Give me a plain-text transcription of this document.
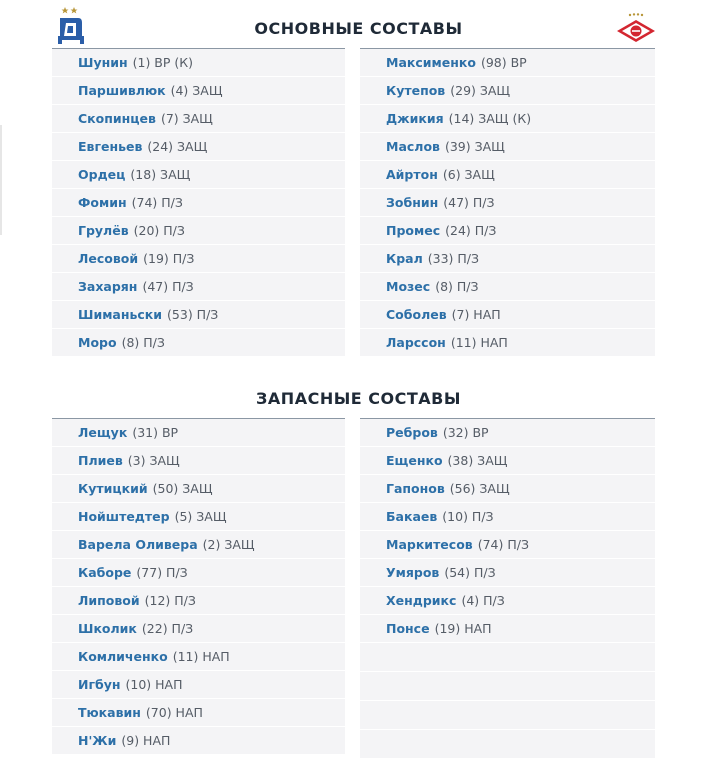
ОСНОВНЫЕ СОСТАВЫ
Шунин (1) ВР (К)
Паршивлюк (4) ЗАЩ
Скопинцев (7) ЗАЩ
Евгеньев (24) ЗАЩ
Ордец (18) ЗАЩ
Фомин (74) П/З
Грулёв (20) П/З
Лесовой (19) П/З
Захарян (47) П/З
Шиманьски (53) П/З
Моро (8) П/З
Максименко (98) ВР
Кутепов (29) ЗАЩ
Джикия (14) ЗАЩ (К)
Маслов (39) ЗАЩ
Айртон (6) ЗАЩ
Зобнин (47) П/З
Промес (24) П/З
Крал (33) П/З
Мозес (8) П/З
Соболев (7) НАП
Ларссон (11) НАП
ЗАПАСНЫЕ СОСТАВЫ
Лещук (31) ВР
Плиев (3) ЗАЩ
Кутицкий (50) ЗАЩ
Нойштедтер (5) ЗАЩ
Варела Оливера (2) ЗАЩ
Каборе (77) П/З
Липовой (12) П/З
Школик (22) П/З
Комличенко (11) НАП
Игбун (10) НАП
Тюкавин (70) НАП
Н'Жи (9) НАП
Ребров (32) ВР
Ещенко (38) ЗАЩ
Гапонов (56) ЗАЩ
Бакаев (10) П/З
Маркитесов (74) П/З
Умяров (54) П/З
Хендрикс (4) П/З
Понсе (19) НАП
